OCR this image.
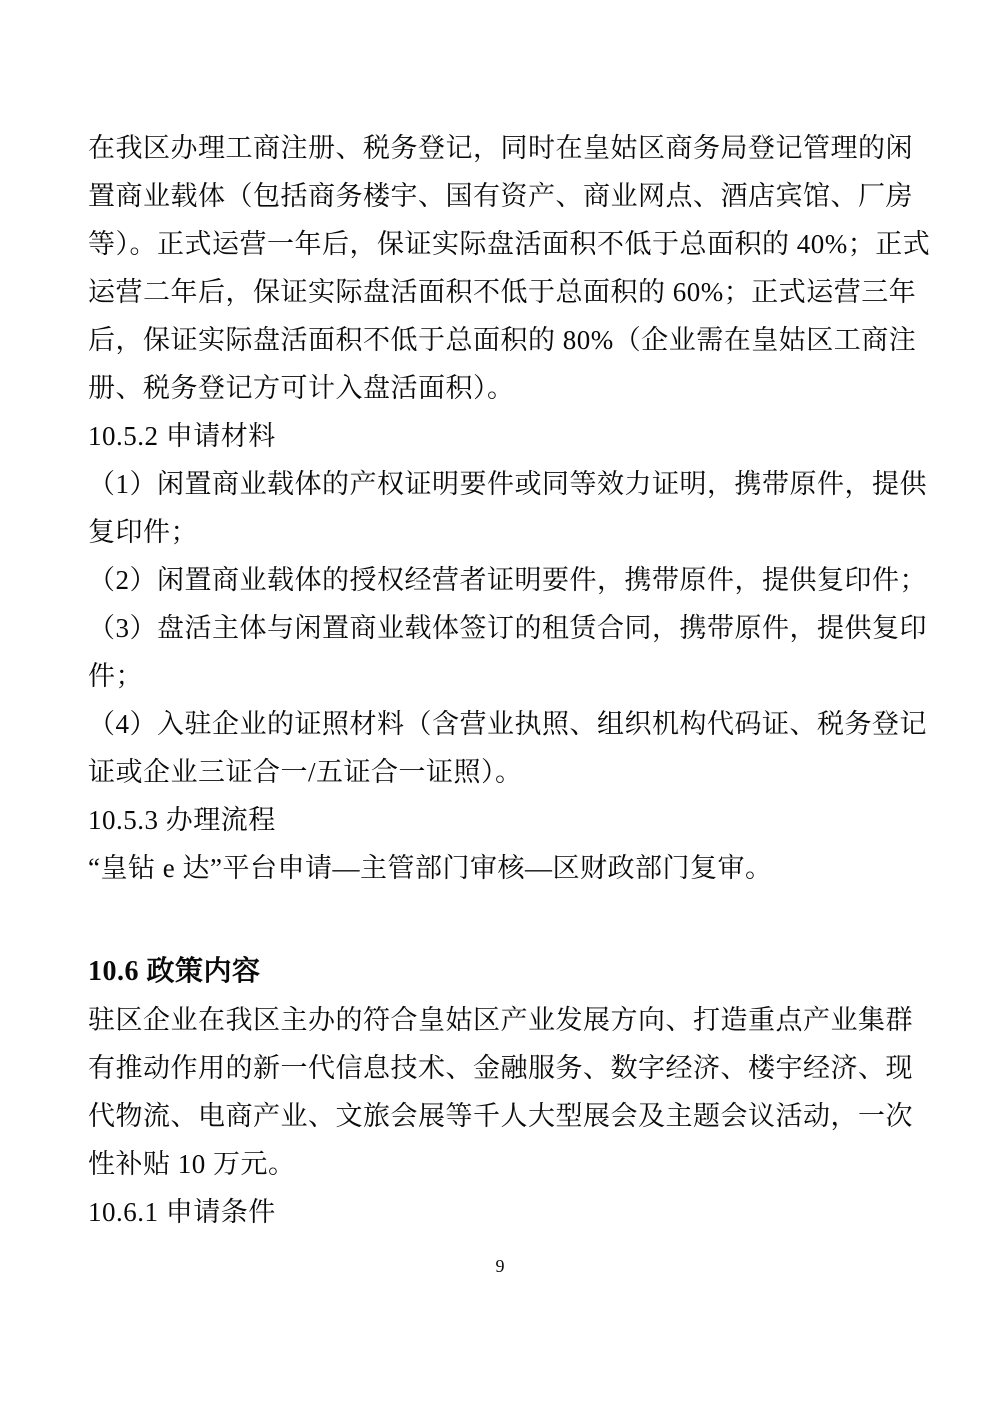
在我区办理工商注册、税务登记，同时在皇姑区商务局登记管理的闲
置商业载体（包括商务楼宇、国有资产、商业网点、酒店宾馆、厂房
等）。正式运营一年后，保证实际盘活面积不低于总面积的 40%；正式
运营二年后，保证实际盘活面积不低于总面积的 60%；正式运营三年
后，保证实际盘活面积不低于总面积的 80%（企业需在皇姑区工商注
册、税务登记方可计入盘活面积）。
10.5.2 申请材料
（1）闲置商业载体的产权证明要件或同等效力证明，携带原件，提供
复印件；
（2）闲置商业载体的授权经营者证明要件，携带原件，提供复印件；
（3）盘活主体与闲置商业载体签订的租赁合同，携带原件，提供复印
件；
（4）入驻企业的证照材料（含营业执照、组织机构代码证、税务登记
证或企业三证合一/五证合一证照）。
10.5.3 办理流程
“皇钻 e 达”平台申请—主管部门审核—区财政部门复审。
10.6 政策内容
驻区企业在我区主办的符合皇姑区产业发展方向、打造重点产业集群
有推动作用的新一代信息技术、金融服务、数字经济、楼宇经济、现
代物流、电商产业、文旅会展等千人大型展会及主题会议活动，一次
性补贴 10 万元。
10.6.1 申请条件
9
